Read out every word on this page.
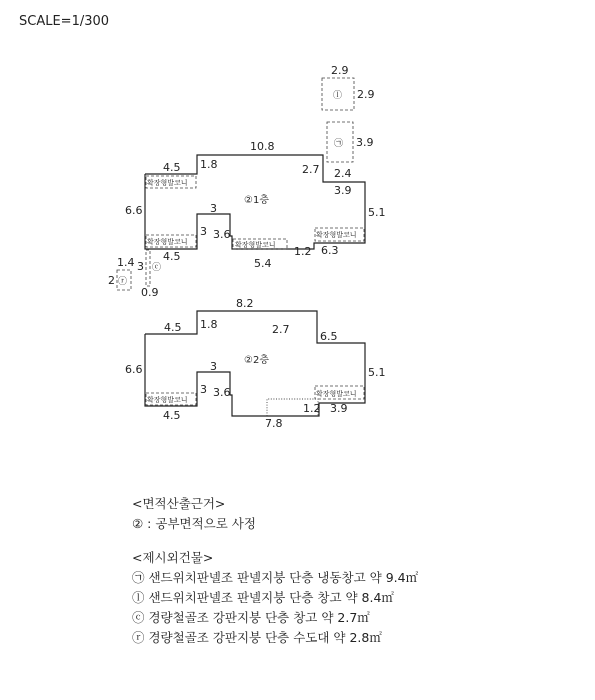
SCALE=1/300
2.9
2.9
ⓛ
3.9
㉠
1.4
2 ⓡ
3 ⓒ
0.9
확장형발코니
확장형발코니	확장형발코니
확장형발코니
②1층
10.8
4.5 1.8	2.7 2.4
3.9
5.1
6.6	3
3 3.6
4.5
5.4
1.2 6.3
확장형발코니
확장형발코니
②2층
8.2
4.5 1.8	2.7
6.5
5.1
6.6	3
3 3.6
4.5
7.8
1.2 3.9
<면적산출근거>
② : 공부면적으로 사정
<제시외건물>
㉠ 샌드위치판넬조 판넬지붕 단층 냉동창고 약 9.4㎡
ⓛ 샌드위치판넬조 판넬지붕 단층 창고 약 8.4㎡
ⓒ 경량철골조 강판지붕 단층 창고 약 2.7㎡
ⓡ 경량철골조 강판지붕 단층 수도대 약 2.8㎡
